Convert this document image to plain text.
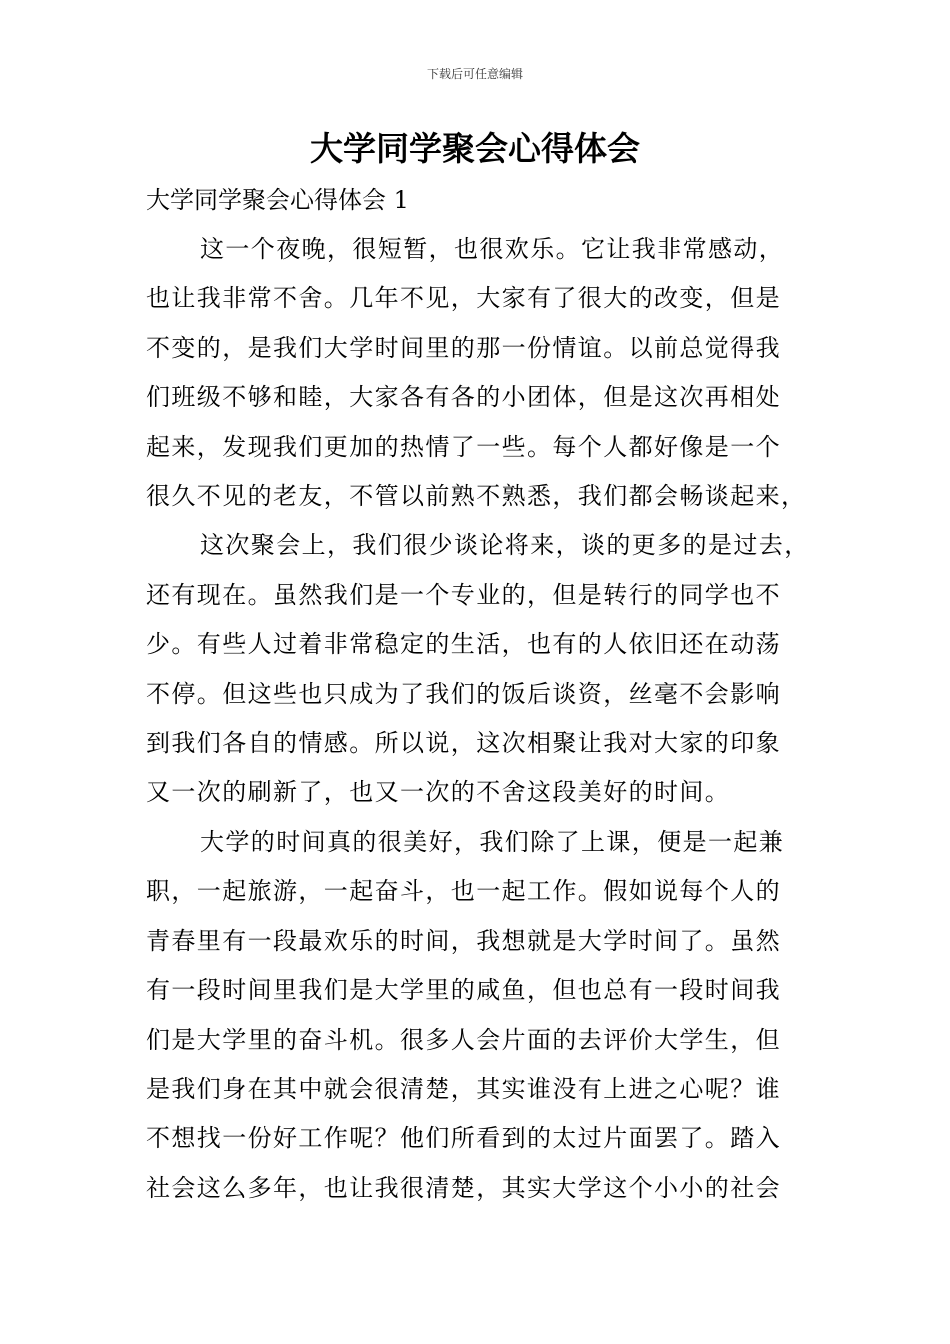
下载后可任意编辑
大学同学聚会心得体会
大学同学聚会心得体会 1

这一个夜晚，很短暂，也很欢乐。它让我非常感动，
也让我非常不舍。几年不见，大家有了很大的改变，但是
不变的，是我们大学时间里的那一份情谊。以前总觉得我
们班级不够和睦，大家各有各的小团体，但是这次再相处
起来，发现我们更加的热情了一些。每个人都好像是一个
很久不见的老友，不管以前熟不熟悉，我们都会畅谈起来，

这次聚会上，我们很少谈论将来，谈的更多的是过去，
还有现在。虽然我们是一个专业的，但是转行的同学也不
少。有些人过着非常稳定的生活，也有的人依旧还在动荡
不停。但这些也只成为了我们的饭后谈资，丝毫不会影响
到我们各自的情感。所以说，这次相聚让我对大家的印象
又一次的刷新了，也又一次的不舍这段美好的时间。

大学的时间真的很美好，我们除了上课，便是一起兼
职，一起旅游，一起奋斗，也一起工作。假如说每个人的
青春里有一段最欢乐的时间，我想就是大学时间了。虽然
有一段时间里我们是大学里的咸鱼，但也总有一段时间我
们是大学里的奋斗机。很多人会片面的去评价大学生，但
是我们身在其中就会很清楚，其实谁没有上进之心呢？谁
不想找一份好工作呢？他们所看到的太过片面罢了。踏入
社会这么多年，也让我很清楚，其实大学这个小小的社会
